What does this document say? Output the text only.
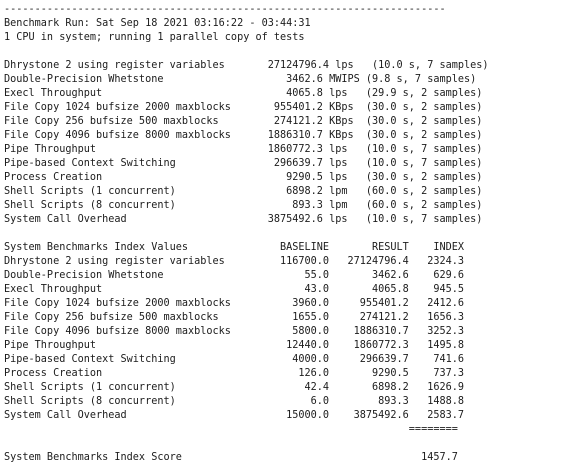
------------------------------------------------------------------------
Benchmark Run: Sat Sep 18 2021 03:16:22 - 03:44:31
1 CPU in system; running 1 parallel copy of tests
Dhrystone 2 using register variables       27124796.4 lps   (10.0 s, 7 samples)
Double-Precision Whetstone                    3462.6 MWIPS (9.8 s, 7 samples)
Execl Throughput                              4065.8 lps   (29.9 s, 2 samples)
File Copy 1024 bufsize 2000 maxblocks       955401.2 KBps  (30.0 s, 2 samples)
File Copy 256 bufsize 500 maxblocks         274121.2 KBps  (30.0 s, 2 samples)
File Copy 4096 bufsize 8000 maxblocks      1886310.7 KBps  (30.0 s, 2 samples)
Pipe Throughput                            1860772.3 lps   (10.0 s, 7 samples)
Pipe-based Context Switching                296639.7 lps   (10.0 s, 7 samples)
Process Creation                              9290.5 lps   (30.0 s, 2 samples)
Shell Scripts (1 concurrent)                  6898.2 lpm   (60.0 s, 2 samples)
Shell Scripts (8 concurrent)                   893.3 lpm   (60.0 s, 2 samples)
System Call Overhead                       3875492.6 lps   (10.0 s, 7 samples)
System Benchmarks Index Values               BASELINE       RESULT    INDEX
Dhrystone 2 using register variables         116700.0   27124796.4   2324.3
Double-Precision Whetstone                       55.0       3462.6    629.6
Execl Throughput                                 43.0       4065.8    945.5
File Copy 1024 bufsize 2000 maxblocks          3960.0     955401.2   2412.6
File Copy 256 bufsize 500 maxblocks            1655.0     274121.2   1656.3
File Copy 4096 bufsize 8000 maxblocks          5800.0    1886310.7   3252.3
Pipe Throughput                               12440.0    1860772.3   1495.8
Pipe-based Context Switching                   4000.0     296639.7    741.6
Process Creation                                126.0       9290.5    737.3
Shell Scripts (1 concurrent)                     42.4       6898.2   1626.9
Shell Scripts (8 concurrent)                      6.0        893.3   1488.8
System Call Overhead                          15000.0    3875492.6   2583.7
========
System Benchmarks Index Score                                       1457.7
